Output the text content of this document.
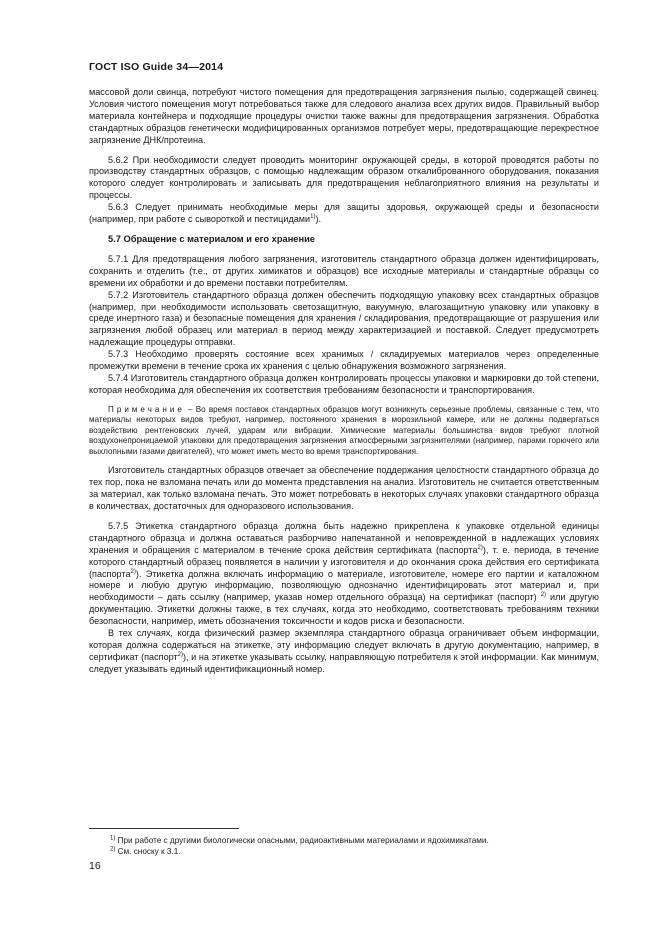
ГОСТ ISO Guide 34—2014

массовой доли свинца, потребуют чистого помещения для предотвращения загрязнения пылью, содержащей свинец. Условия чистого помещения могут потребоваться также для следового анализа всех других видов. Правильный выбор материала контейнера и подходящие процедуры очистки также важны для предотвращения загрязнения. Обработка стандартных образцов генетически модифицированных организмов потребует меры, предотвращающие перекрестное загрязнение ДНК/протеина.

5.6.2 При необходимости следует проводить мониторинг окружающей среды, в которой проводятся работы по производству стандартных образцов, с помощью надлежащим образом откалиброванного оборудования, показания которого следует контролировать и записывать для предотвращения неблагоприятного влияния на результаты и процессы.

5.6.3 Следует принимать необходимые меры для защиты здоровья, окружающей среды и безопасности (например, при работе с сывороткой и пестицидами$^{1)}$).

5.7 Обращение с материалом и его хранение

5.7.1 Для предотвращения любого загрязнения, изготовитель стандартного образца должен идентифицировать, сохранить и отделить (т.е., от других химикатов и образцов) все исходные материалы и стандартные образцы со времени их обработки и до времени поставки потребителям.

5.7.2 Изготовитель стандартного образца должен обеспечить подходящую упаковку всех стандартных образцов (например, при необходимости использовать светозащитную, вакуумную, влагозащитную упаковку или упаковку в среде инертного газа) и безопасные помещения для хранения / складирования, предотвращающие от разрушения или загрязнения любой образец или материал в период между характеризацией и поставкой. Следует предусмотреть надлежащие процедуры отправки.

5.7.3 Необходимо проверять состояние всех хранимых / складируемых материалов через определенные промежутки времени в течение срока их хранения с целью обнаружения возможного загрязнения.

5.7.4 Изготовитель стандартного образца должен контролировать процессы упаковки и маркировки до той степени, которая необходима для обеспечения их соответствия требованиям безопасности и транспортирования.

Примечание – Во время поставок стандартных образцов могут возникнуть серьезные проблемы, связанные с тем, что материалы некоторых видов требуют, например, постоянного хранения в морозильной камере, или не должны подвергаться воздействию рентгеновских лучей, ударам или вибрации. Химические материалы большинства видов требуют плотной воздухонепроницаемой упаковки для предотвращения загрязнения атмосферными загрязнителями (например, парами горючего или выхлопными газами двигателей), что может иметь место во время транспортирования.

Изготовитель стандартных образцов отвечает за обеспечение поддержания целостности стандартного образца до тех пор, пока не взломана печать или до момента представления на анализ. Изготовитель не считается ответственным за материал, как только взломана печать. Это может потребовать в некоторых случаях упаковки стандартного образца в количествах, достаточных для одноразового использования.

5.7.5 Этикетка стандартного образца должна быть надежно прикреплена к упаковке отдельной единицы стандартного образца и должна оставаться разборчиво напечатанной и неповрежденной в надлежащих условиях хранения и обращения с материалом в течение срока действия сертификата (паспорта$^{2)}$), т. е. периода, в течение которого стандартный образец появляется в наличии у изготовителя и до окончания срока действия его сертификата (паспорта$^{2)}$). Этикетка должна включать информацию о материале, изготовителе, номере его партии и каталожном номере и любую другую информацию, позволяющую однозначно идентифицировать этот материал и, при необходимости – дать ссылку (например, указав номер отдельного образца) на сертификат (паспорт) $^{2)}$ или другую документацию. Этикетки должны также, в тех случаях, когда это необходимо, соответствовать требованиям техники безопасности, например, иметь обозначения токсичности и кодов риска и безопасности.

В тех случаях, когда физический размер экземпляра стандартного образца ограничивает объем информации, которая должна содержаться на этикетке, эту информацию следует включать в другую документацию, например, в сертификат (паспорт$^{2)}$), и на этикетке указывать ссылку, направляющую потребителя к этой информации. Как минимум, следует указывать единый идентификационный номер.

$^{1)}$ При работе с другими биологически опасными, радиоактивными материалами и ядохимикатами.
$^{2)}$ См. сноску к 3.1.
16
